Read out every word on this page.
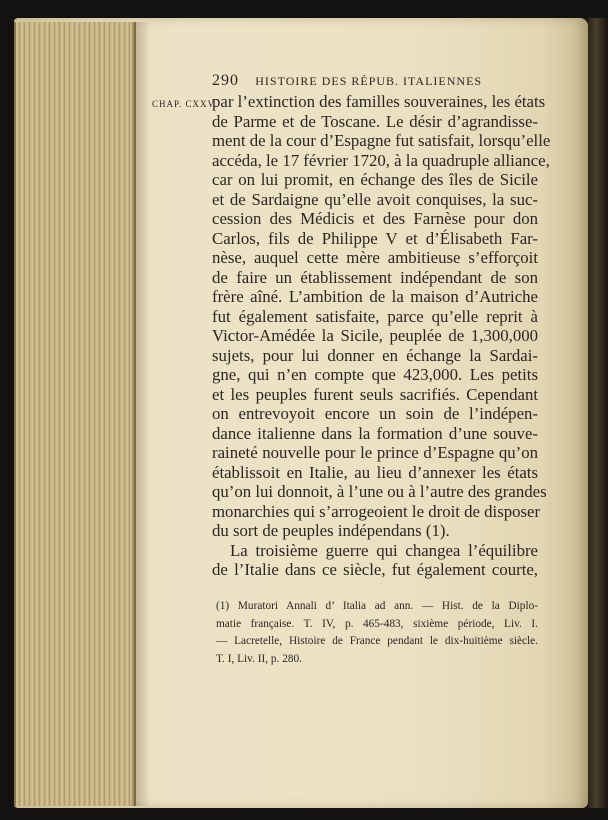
290 HISTOIRE DES RÉPUB. ITALIENNES
CHAP. CXXV.
par l’extinction des familles souveraines, les états
de Parme et de Toscane. Le désir d’agrandisse-
ment de la cour d’Espagne fut satisfait, lorsqu’elle
accéda, le 17 février 1720, à la quadruple alliance,
car on lui promit, en échange des îles de Sicile
et de Sardaigne qu’elle avoit conquises, la suc-
cession des Médicis et des Farnèse pour don
Carlos, fils de Philippe V et d’Élisabeth Far-
nèse, auquel cette mère ambitieuse s’efforçoit
de faire un établissement indépendant de son
frère aîné. L’ambition de la maison d’Autriche
fut également satisfaite, parce qu’elle reprit à
Victor-Amédée la Sicile, peuplée de 1,300,000
sujets, pour lui donner en échange la Sardai-
gne, qui n’en compte que 423,000. Les petits
et les peuples furent seuls sacrifiés. Cependant
on entrevoyoit encore un soin de l’indépen-
dance italienne dans la formation d’une souve-
raineté nouvelle pour le prince d’Espagne qu’on
établissoit en Italie, au lieu d’annexer les états
qu’on lui donnoit, à l’une ou à l’autre des grandes
monarchies qui s’arrogeoient le droit de disposer
du sort de peuples indépendans (1).
La troisième guerre qui changea l’équilibre
de l’Italie dans ce siècle, fut également courte,
(1) Muratori Annali d’ Italia ad ann. — Hist. de la Diplo-
matie française. T. IV, p. 465-483, sixième période, Liv. I.
— Lacretelle, Histoire de France pendant le dix-huitième siècle.
T. I, Liv. II, p. 280.
